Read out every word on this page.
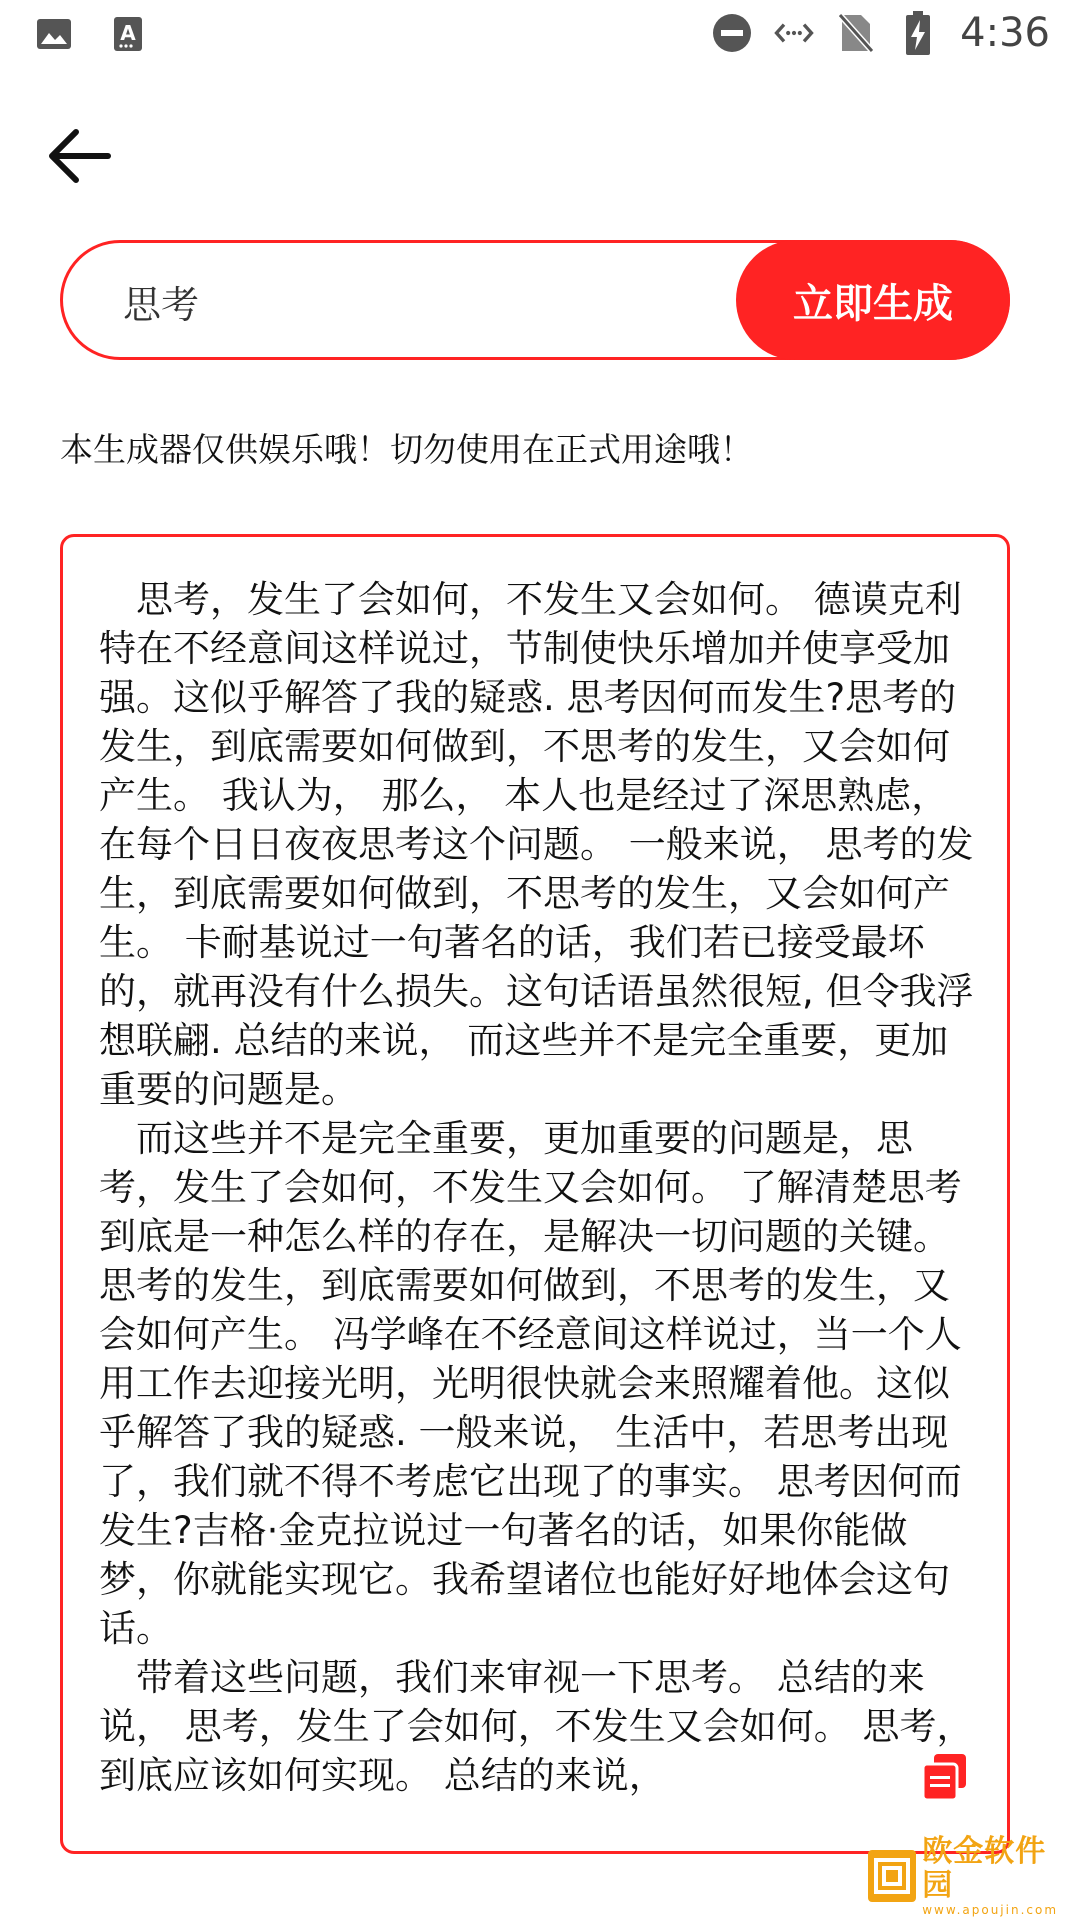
A	4:36
思考
立即生成
本生成器仅供娱乐哦！切勿使用在正式用途哦！

思考，发生了会如何，不发生又会如何。 德谟克利特在不经意间这样说过，节制使快乐增加并使享受加强。这似乎解答了我的疑惑. 思考因何而发生?思考的发生，到底需要如何做到，不思考的发生，又会如何产生。 我认为， 那么， 本人也是经过了深思熟虑，在每个日日夜夜思考这个问题。 一般来说， 思考的发生，到底需要如何做到，不思考的发生，又会如何产生。 卡耐基说过一句著名的话，我们若已接受最坏的，就再没有什么损失。这句话语虽然很短, 但令我浮想联翩. 总结的来说， 而这些并不是完全重要，更加重要的问题是。

而这些并不是完全重要，更加重要的问题是，思考，发生了会如何，不发生又会如何。 了解清楚思考到底是一种怎么样的存在，是解决一切问题的关键。 思考的发生，到底需要如何做到，不思考的发生，又会如何产生。 冯学峰在不经意间这样说过，当一个人用工作去迎接光明，光明很快就会来照耀着他。这似乎解答了我的疑惑. 一般来说， 生活中，若思考出现了，我们就不得不考虑它出现了的事实。 思考因何而发生?吉格·金克拉说过一句著名的话，如果你能做梦，你就能实现它。我希望诸位也能好好地体会这句话。

带着这些问题，我们来审视一下思考。 总结的来说， 思考，发生了会如何，不发生又会如何。 思考，到底应该如何实现。 总结的来说，

欧金软件园
www.apoujin.com
